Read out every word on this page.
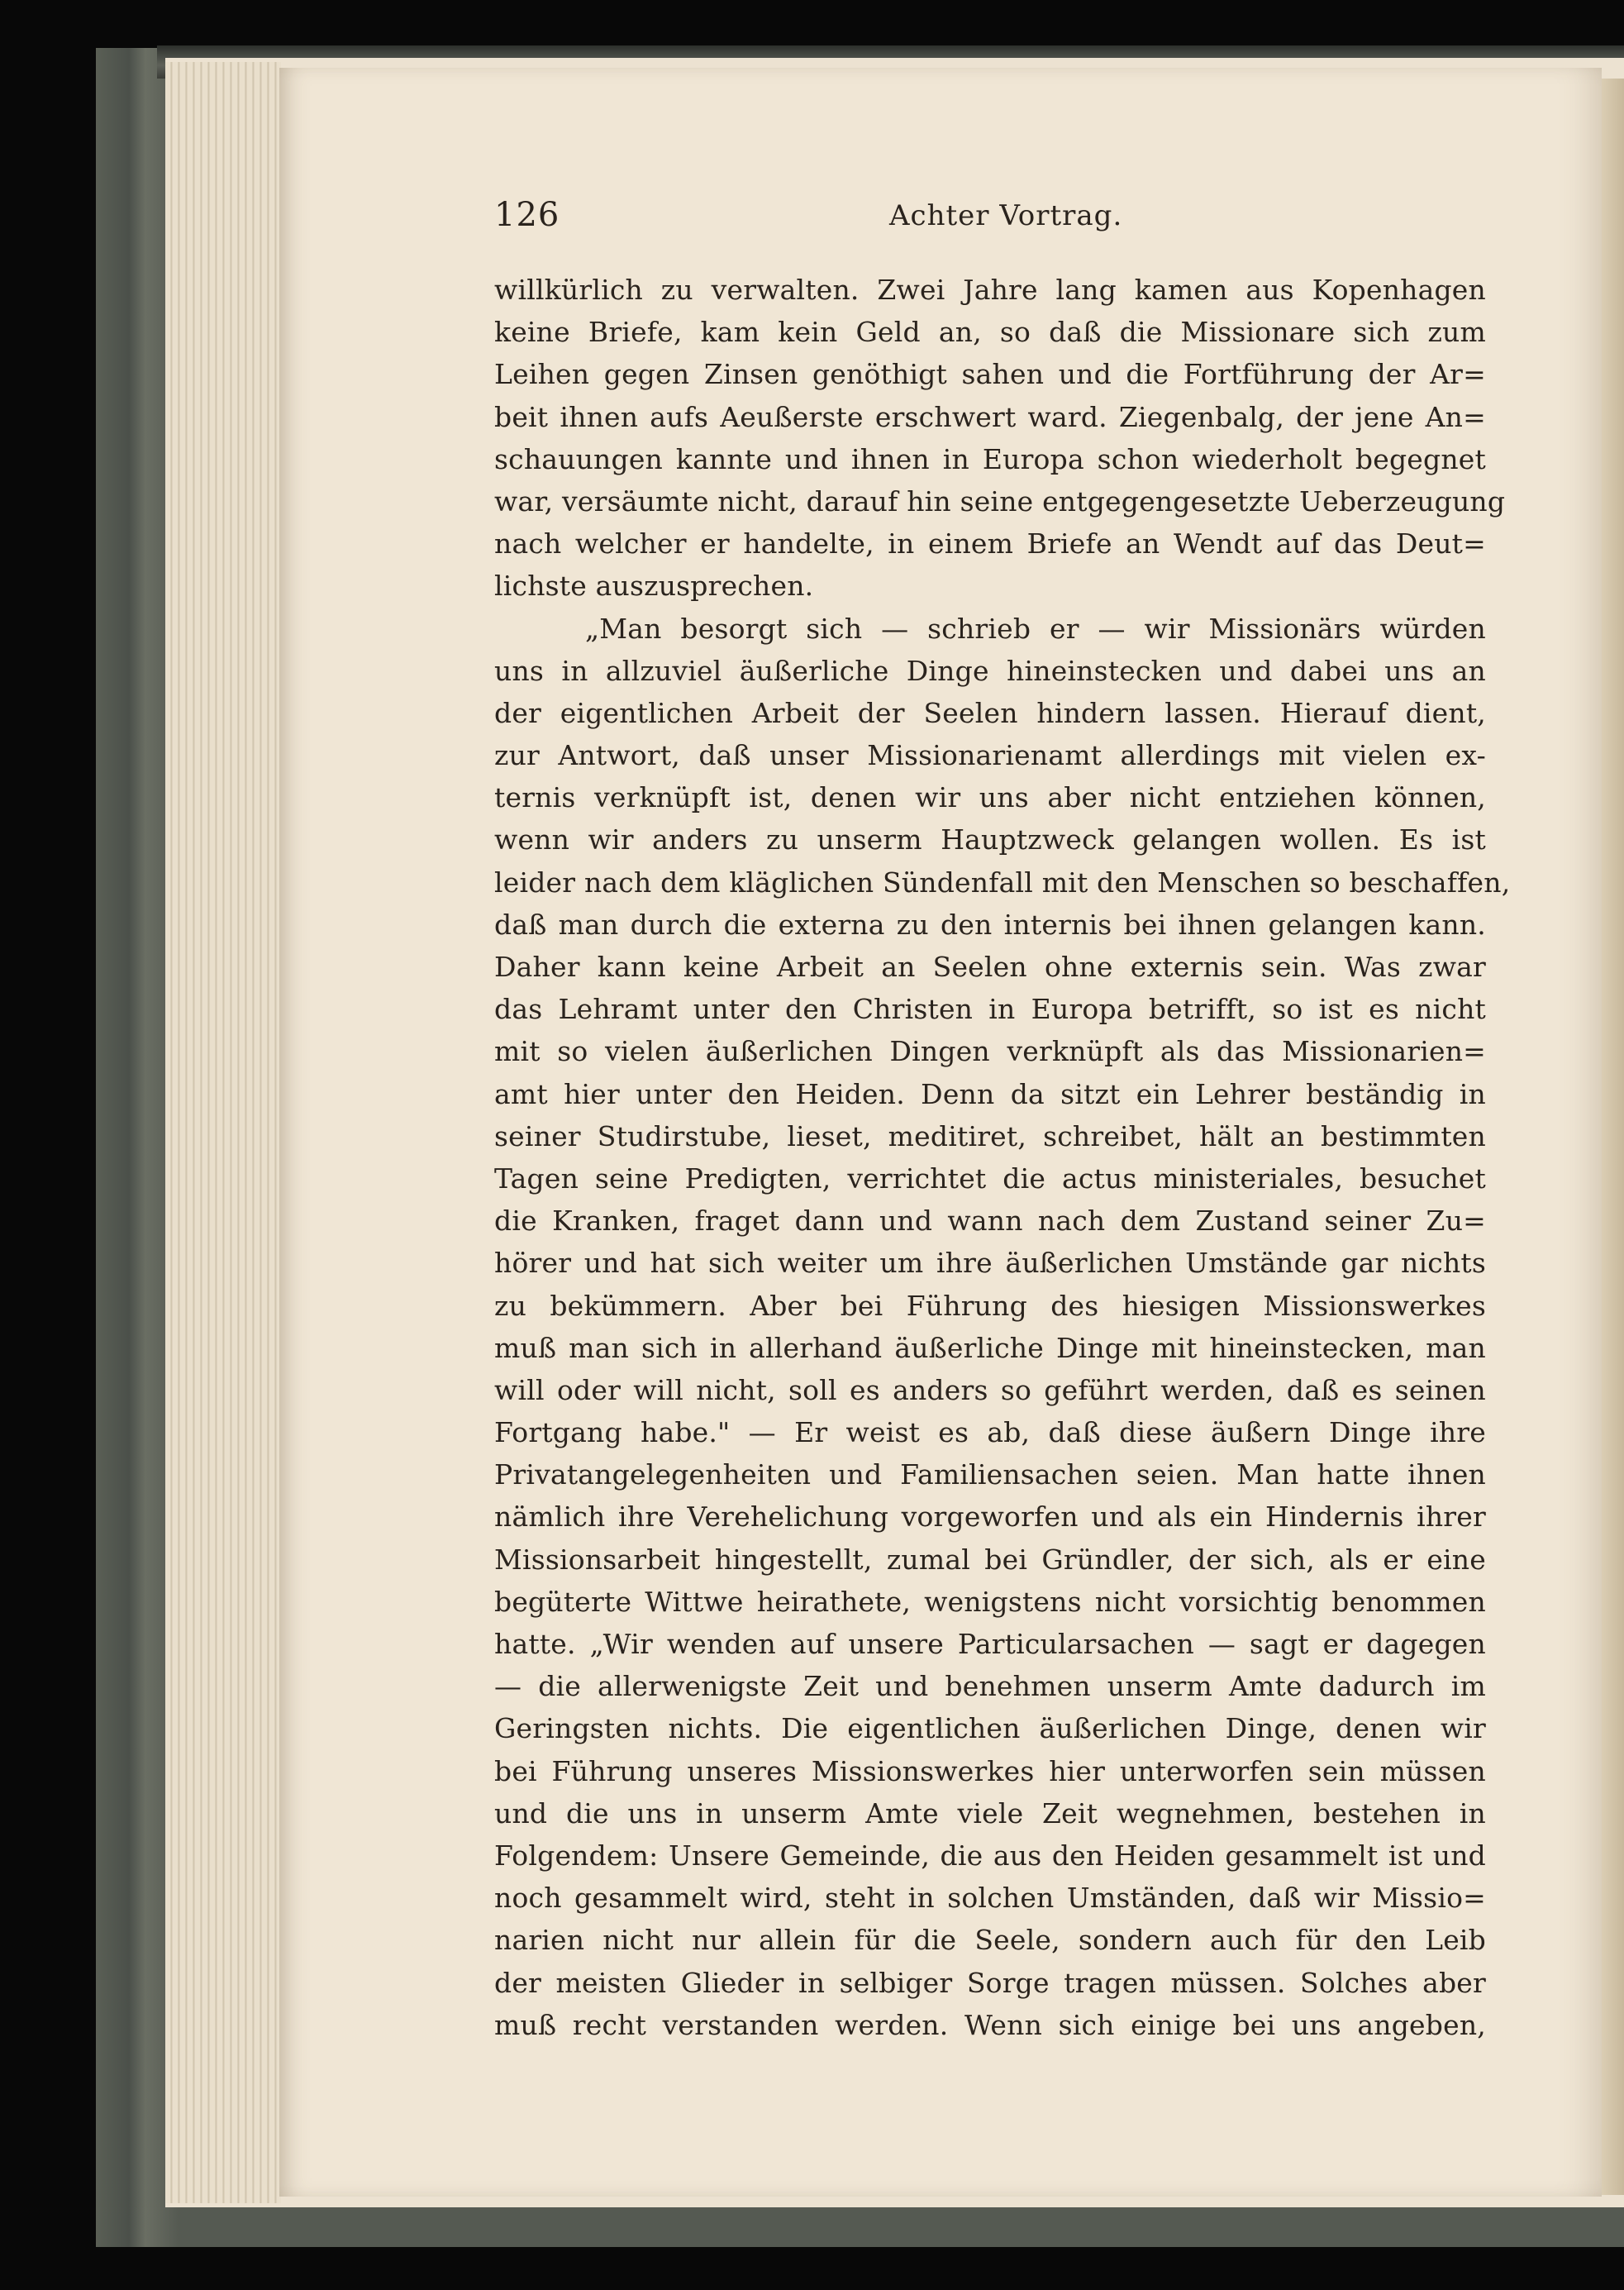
126	Achter Vortrag.
willkürlich zu verwalten. Zwei Jahre lang kamen aus Kopenhagen
keine Briefe, kam kein Geld an, so daß die Missionare sich zum
Leihen gegen Zinsen genöthigt sahen und die Fortführung der Ar=
beit ihnen aufs Aeußerste erschwert ward. Ziegenbalg, der jene An=
schauungen kannte und ihnen in Europa schon wiederholt begegnet
war, versäumte nicht, darauf hin seine entgegengesetzte Ueberzeugung
nach welcher er handelte, in einem Briefe an Wendt auf das Deut=
lichste auszusprechen.
„Man besorgt sich — schrieb er — wir Missionärs würden
uns in allzuviel äußerliche Dinge hineinstecken und dabei uns an
der eigentlichen Arbeit der Seelen hindern lassen. Hierauf dient,
zur Antwort, daß unser Missionarienamt allerdings mit vielen ex-
ternis verknüpft ist, denen wir uns aber nicht entziehen können,
wenn wir anders zu unserm Hauptzweck gelangen wollen. Es ist
leider nach dem kläglichen Sündenfall mit den Menschen so beschaffen,
daß man durch die externa zu den internis bei ihnen gelangen kann.
Daher kann keine Arbeit an Seelen ohne externis sein. Was zwar
das Lehramt unter den Christen in Europa betrifft, so ist es nicht
mit so vielen äußerlichen Dingen verknüpft als das Missionarien=
amt hier unter den Heiden. Denn da sitzt ein Lehrer beständig in
seiner Studirstube, lieset, meditiret, schreibet, hält an bestimmten
Tagen seine Predigten, verrichtet die actus ministeriales, besuchet
die Kranken, fraget dann und wann nach dem Zustand seiner Zu=
hörer und hat sich weiter um ihre äußerlichen Umstände gar nichts
zu bekümmern. Aber bei Führung des hiesigen Missionswerkes
muß man sich in allerhand äußerliche Dinge mit hineinstecken, man
will oder will nicht, soll es anders so geführt werden, daß es seinen
Fortgang habe." — Er weist es ab, daß diese äußern Dinge ihre
Privatangelegenheiten und Familiensachen seien. Man hatte ihnen
nämlich ihre Verehelichung vorgeworfen und als ein Hindernis ihrer
Missionsarbeit hingestellt, zumal bei Gründler, der sich, als er eine
begüterte Wittwe heirathete, wenigstens nicht vorsichtig benommen
hatte. „Wir wenden auf unsere Particularsachen — sagt er dagegen
— die allerwenigste Zeit und benehmen unserm Amte dadurch im
Geringsten nichts. Die eigentlichen äußerlichen Dinge, denen wir
bei Führung unseres Missionswerkes hier unterworfen sein müssen
und die uns in unserm Amte viele Zeit wegnehmen, bestehen in
Folgendem: Unsere Gemeinde, die aus den Heiden gesammelt ist und
noch gesammelt wird, steht in solchen Umständen, daß wir Missio=
narien nicht nur allein für die Seele, sondern auch für den Leib
der meisten Glieder in selbiger Sorge tragen müssen. Solches aber
muß recht verstanden werden. Wenn sich einige bei uns angeben,
